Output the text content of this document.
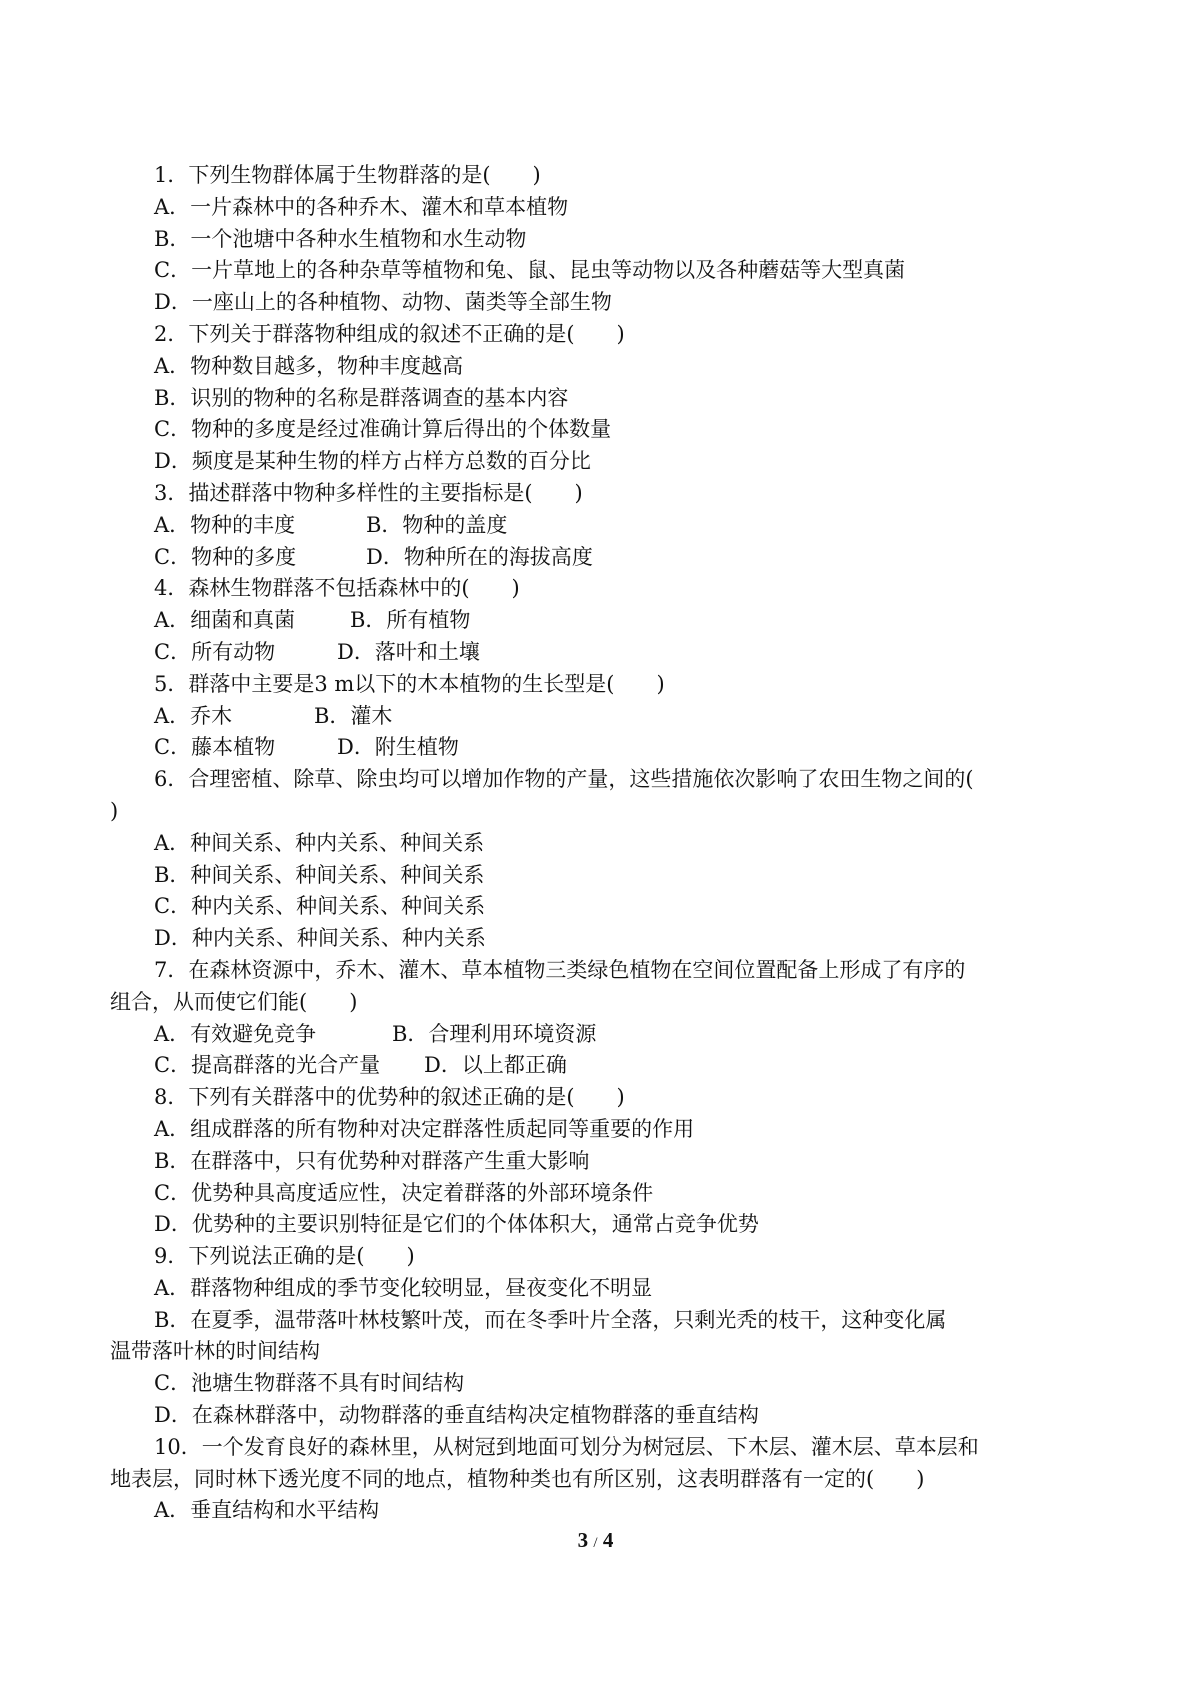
1．下列生物群体属于生物群落的是(　　)
A．一片森林中的各种乔木、灌木和草本植物
B．一个池塘中各种水生植物和水生动物
C．一片草地上的各种杂草等植物和兔、鼠、昆虫等动物以及各种蘑菇等大型真菌
D．一座山上的各种植物、动物、菌类等全部生物
2．下列关于群落物种组成的叙述不正确的是(　　)
A．物种数目越多，物种丰度越高
B．识别的物种的名称是群落调查的基本内容
C．物种的多度是经过准确计算后得出的个体数量
D．频度是某种生物的样方占样方总数的百分比
3．描述群落中物种多样性的主要指标是(　　)
A．物种的丰度	B．物种的盖度
C．物种的多度	D．物种所在的海拔高度
4．森林生物群落不包括森林中的(　　)
A．细菌和真菌	B．所有植物
C．所有动物	D．落叶和土壤
5．群落中主要是3 m以下的木本植物的生长型是(　　)
A．乔木	B．灌木
C．藤本植物	D．附生植物
6．合理密植、除草、除虫均可以增加作物的产量，这些措施依次影响了农田生物之间的(
)
A．种间关系、种内关系、种间关系
B．种间关系、种间关系、种间关系
C．种内关系、种间关系、种间关系
D．种内关系、种间关系、种内关系
7．在森林资源中，乔木、灌木、草本植物三类绿色植物在空间位置配备上形成了有序的
组合，从而使它们能(　　)
A．有效避免竞争	B．合理利用环境资源
C．提高群落的光合产量	D．以上都正确
8．下列有关群落中的优势种的叙述正确的是(　　)
A．组成群落的所有物种对决定群落性质起同等重要的作用
B．在群落中，只有优势种对群落产生重大影响
C．优势种具高度适应性，决定着群落的外部环境条件
D．优势种的主要识别特征是它们的个体体积大，通常占竞争优势
9．下列说法正确的是(　　)
A．群落物种组成的季节变化较明显，昼夜变化不明显
B．在夏季，温带落叶林枝繁叶茂，而在冬季叶片全落，只剩光秃的枝干，这种变化属
温带落叶林的时间结构
C．池塘生物群落不具有时间结构
D．在森林群落中，动物群落的垂直结构决定植物群落的垂直结构
10．一个发育良好的森林里，从树冠到地面可划分为树冠层、下木层、灌木层、草本层和
地表层，同时林下透光度不同的地点，植物种类也有所区别，这表明群落有一定的(　　)
A．垂直结构和水平结构
3 / 4
